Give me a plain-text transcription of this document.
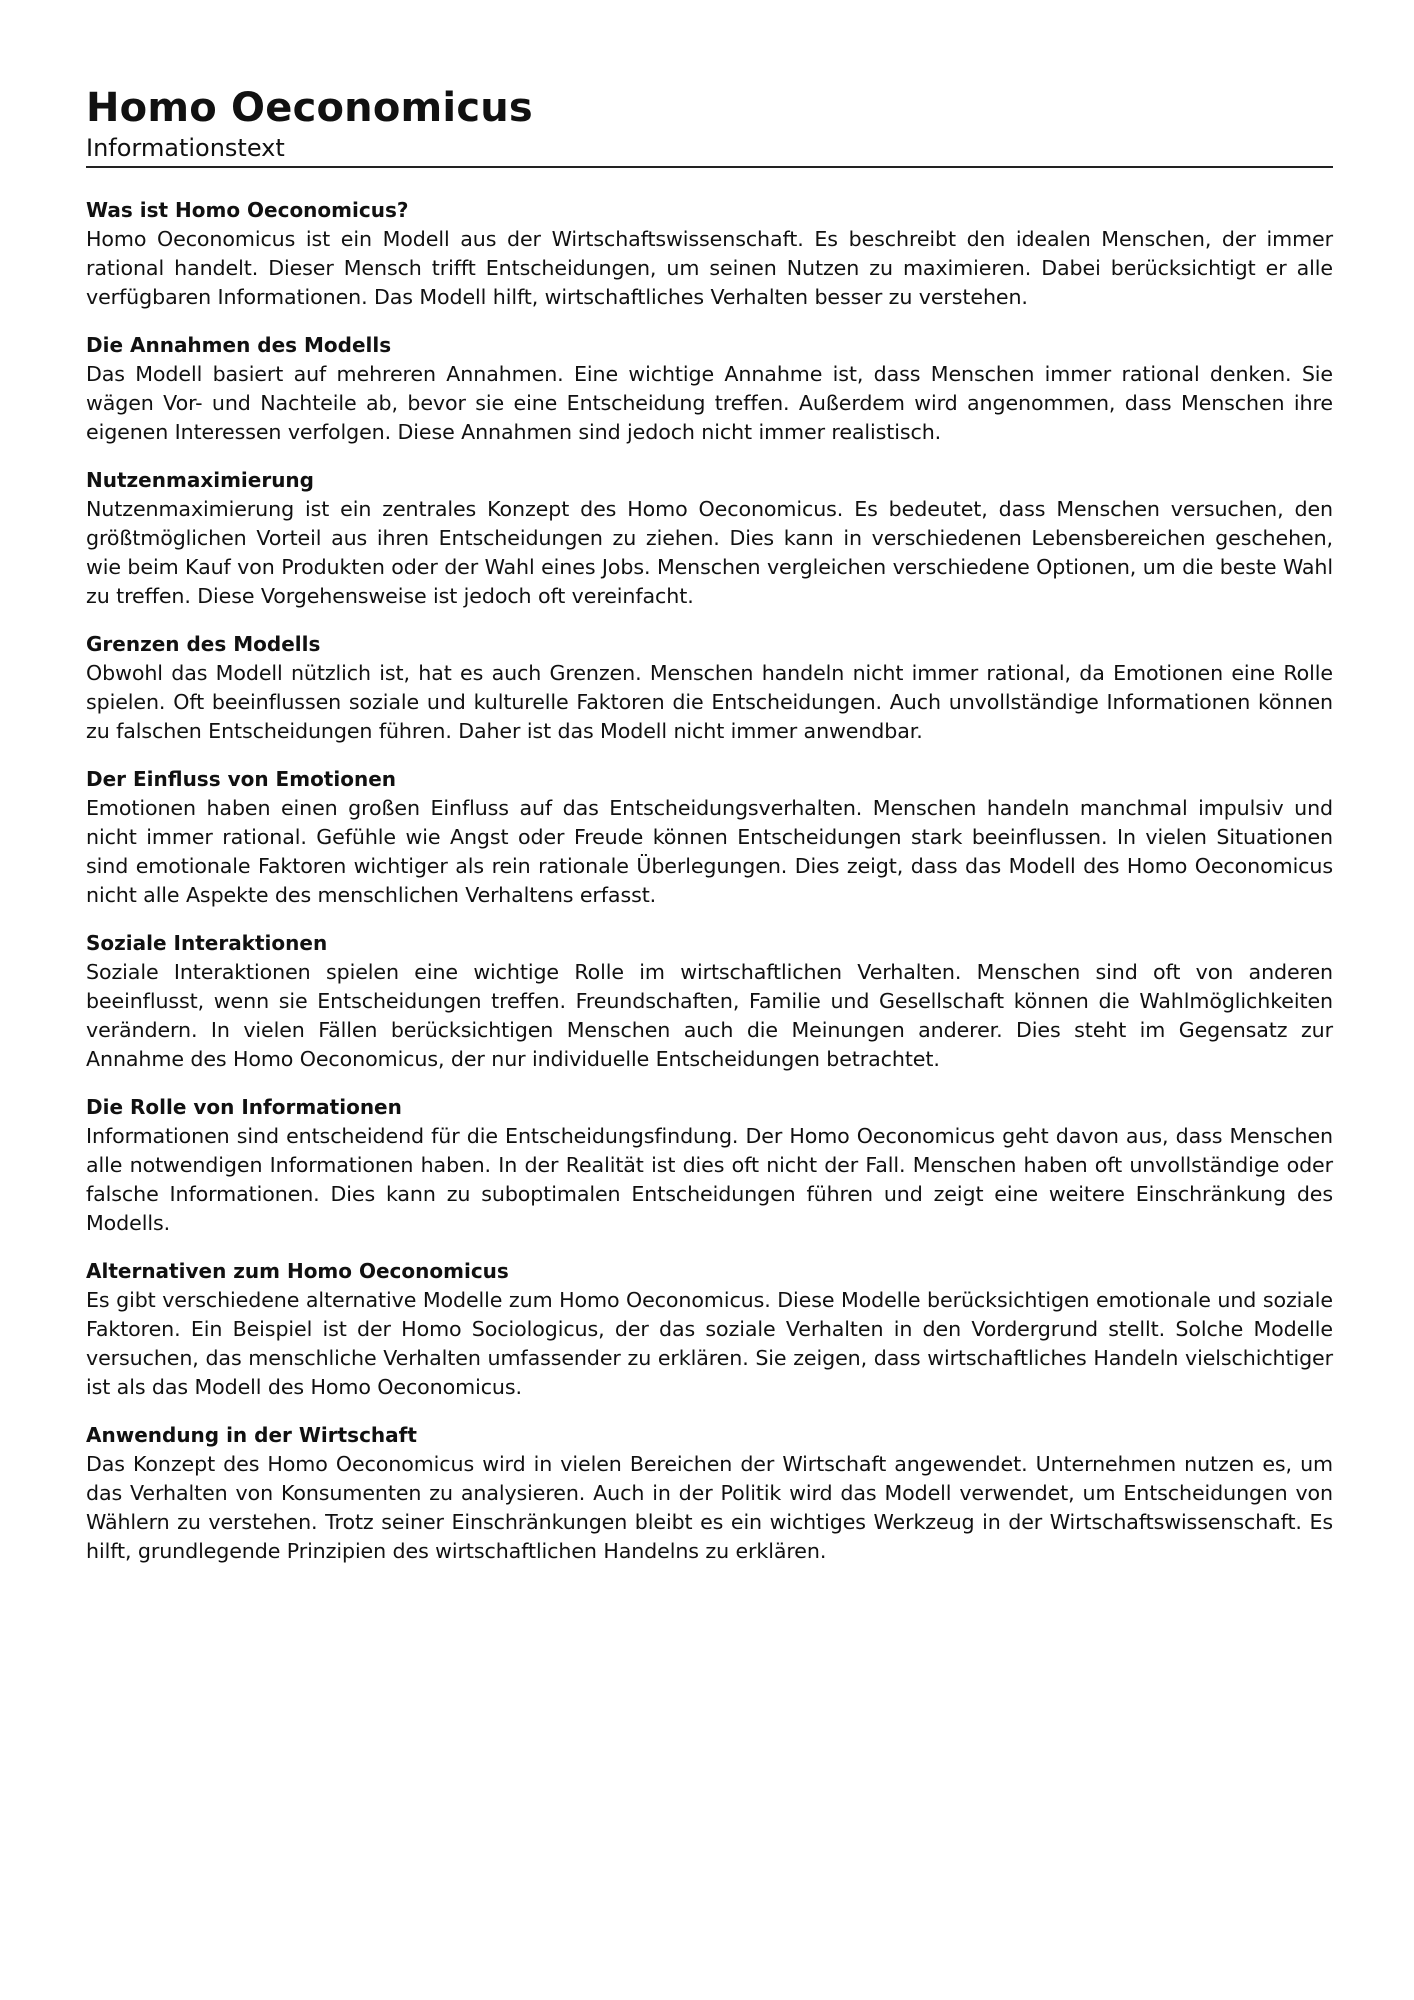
Homo Oeconomicus

Informationstext

Was ist Homo Oeconomicus?

Homo Oeconomicus ist ein Modell aus der Wirtschaftswissenschaft. Es beschreibt den idealen Menschen, der immer rational handelt. Dieser Mensch trifft Entscheidungen, um seinen Nutzen zu maximieren. Dabei berücksichtigt er alle verfügbaren Informationen. Das Modell hilft, wirtschaftliches Verhalten besser zu verstehen.

Die Annahmen des Modells

Das Modell basiert auf mehreren Annahmen. Eine wichtige Annahme ist, dass Menschen immer rational denken. Sie wägen Vor- und Nachteile ab, bevor sie eine Entscheidung treffen. Außerdem wird angenommen, dass Menschen ihre eigenen Interessen verfolgen. Diese Annahmen sind jedoch nicht immer realistisch.

Nutzenmaximierung

Nutzenmaximierung ist ein zentrales Konzept des Homo Oeconomicus. Es bedeutet, dass Menschen versuchen, den größtmöglichen Vorteil aus ihren Entscheidungen zu ziehen. Dies kann in verschiedenen Lebensbereichen geschehen, wie beim Kauf von Produkten oder der Wahl eines Jobs. Menschen vergleichen verschiedene Optionen, um die beste Wahl zu treffen. Diese Vorgehensweise ist jedoch oft vereinfacht.

Grenzen des Modells

Obwohl das Modell nützlich ist, hat es auch Grenzen. Menschen handeln nicht immer rational, da Emotionen eine Rolle spielen. Oft beeinflussen soziale und kulturelle Faktoren die Entscheidungen. Auch unvollständige Informationen können zu falschen Entscheidungen führen. Daher ist das Modell nicht immer anwendbar.

Der Einfluss von Emotionen

Emotionen haben einen großen Einfluss auf das Entscheidungsverhalten. Menschen handeln manchmal impulsiv und nicht immer rational. Gefühle wie Angst oder Freude können Entscheidungen stark beeinflussen. In vielen Situationen sind emotionale Faktoren wichtiger als rein rationale Überlegungen. Dies zeigt, dass das Modell des Homo Oeconomicus nicht alle Aspekte des menschlichen Verhaltens erfasst.

Soziale Interaktionen

Soziale Interaktionen spielen eine wichtige Rolle im wirtschaftlichen Verhalten. Menschen sind oft von anderen beeinflusst, wenn sie Entscheidungen treffen. Freundschaften, Familie und Gesellschaft können die Wahlmöglichkeiten verändern. In vielen Fällen berücksichtigen Menschen auch die Meinungen anderer. Dies steht im Gegensatz zur Annahme des Homo Oeconomicus, der nur individuelle Entscheidungen betrachtet.

Die Rolle von Informationen

Informationen sind entscheidend für die Entscheidungsfindung. Der Homo Oeconomicus geht davon aus, dass Menschen alle notwendigen Informationen haben. In der Realität ist dies oft nicht der Fall. Menschen haben oft unvollständige oder falsche Informationen. Dies kann zu suboptimalen Entscheidungen führen und zeigt eine weitere Einschränkung des Modells.

Alternativen zum Homo Oeconomicus

Es gibt verschiedene alternative Modelle zum Homo Oeconomicus. Diese Modelle berücksichtigen emotionale und soziale Faktoren. Ein Beispiel ist der Homo Sociologicus, der das soziale Verhalten in den Vordergrund stellt. Solche Modelle versuchen, das menschliche Verhalten umfassender zu erklären. Sie zeigen, dass wirtschaftliches Handeln vielschichtiger ist als das Modell des Homo Oeconomicus.

Anwendung in der Wirtschaft

Das Konzept des Homo Oeconomicus wird in vielen Bereichen der Wirtschaft angewendet. Unternehmen nutzen es, um das Verhalten von Konsumenten zu analysieren. Auch in der Politik wird das Modell verwendet, um Entscheidungen von Wählern zu verstehen. Trotz seiner Einschränkungen bleibt es ein wichtiges Werkzeug in der Wirtschaftswissenschaft. Es hilft, grundlegende Prinzipien des wirtschaftlichen Handelns zu erklären.
